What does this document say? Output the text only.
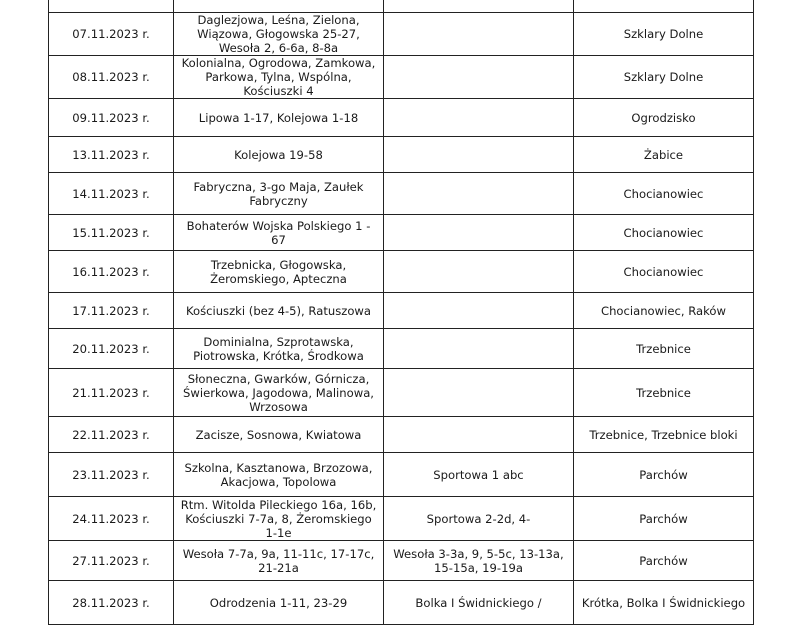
07.11.2023 r.	Daglezjowa, Leśna, Zielona, Wiązowa, Głogowska 25-27, Wesoła 2, 6-6a, 8-8a		Szklary Dolne
08.11.2023 r.	Kolonialna, Ogrodowa, Zamkowa, Parkowa, Tylna, Wspólna, Kościuszki 4		Szklary Dolne
09.11.2023 r.	Lipowa 1-17, Kolejowa 1-18		Ogrodzisko
13.11.2023 r.	Kolejowa 19-58		Żabice
14.11.2023 r.	Fabryczna, 3-go Maja, Zaułek Fabryczny		Chocianowiec
15.11.2023 r.	Bohaterów Wojska Polskiego 1 - 67		Chocianowiec
16.11.2023 r.	Trzebnicka, Głogowska, Żeromskiego, Apteczna		Chocianowiec
17.11.2023 r.	Kościuszki (bez 4-5), Ratuszowa		Chocianowiec, Raków
20.11.2023 r.	Dominialna, Szprotawska, Piotrowska, Krótka, Środkowa		Trzebnice
21.11.2023 r.	Słoneczna, Gwarków, Górnicza, Świerkowa, Jagodowa, Malinowa, Wrzosowa		Trzebnice
22.11.2023 r.	Zacisze, Sosnowa, Kwiatowa		Trzebnice, Trzebnice bloki
23.11.2023 r.	Szkolna, Kasztanowa, Brzozowa, Akacjowa, Topolowa	Sportowa 1 abc	Parchów
24.11.2023 r.	Rtm. Witolda Pileckiego 16a, 16b, Kościuszki 7-7a, 8, Żeromskiego 1-1e	Sportowa 2-2d, 4-	Parchów
27.11.2023 r.	Wesoła 7-7a, 9a, 11-11c, 17-17c, 21-21a	Wesoła 3-3a, 9, 5-5c, 13-13a, 15-15a, 19-19a	Parchów
28.11.2023 r.	Odrodzenia 1-11, 23-29	Bolka I Świdnickiego /	Krótka, Bolka I Świdnickiego
